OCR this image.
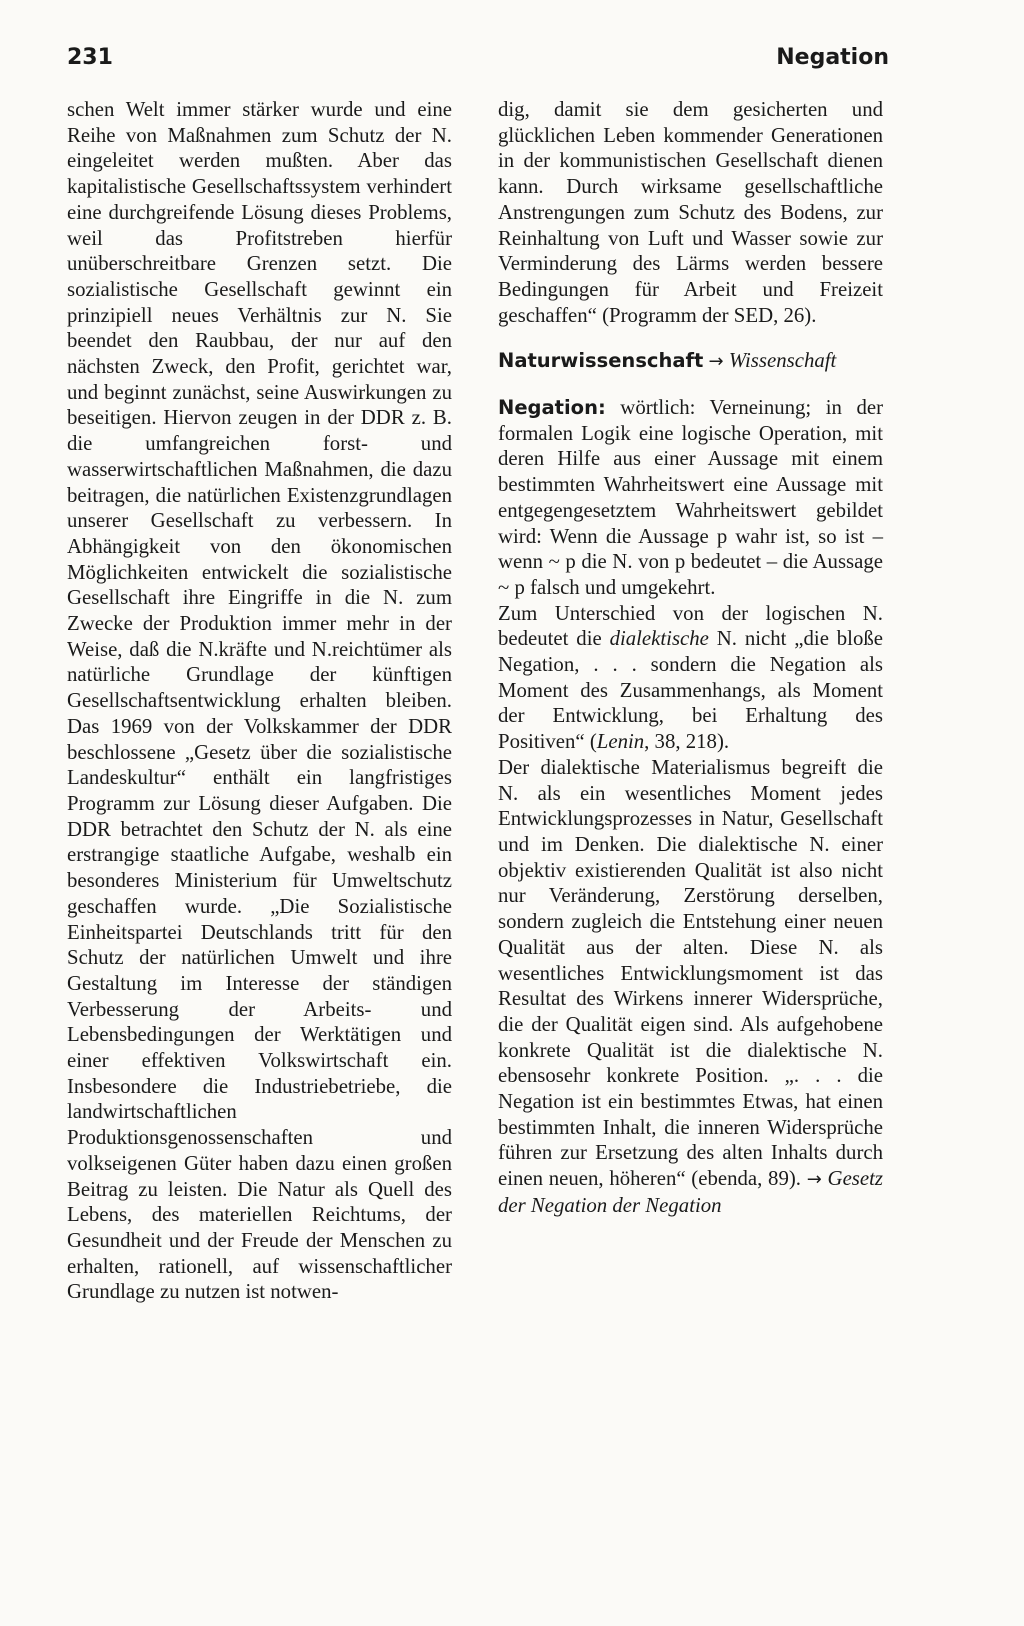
231	Negation

schen Welt immer stärker wurde und eine Reihe von Maßnahmen zum Schutz der N. eingeleitet werden mußten. Aber das kapitalistische Gesellschaftssystem verhindert eine durchgreifende Lösung dieses Problems, weil das Profitstreben hierfür unüberschreitbare Grenzen setzt. Die sozialistische Gesellschaft gewinnt ein prinzipiell neues Verhältnis zur N. Sie beendet den Raubbau, der nur auf den nächsten Zweck, den Profit, gerichtet war, und beginnt zunächst, seine Auswirkungen zu beseitigen. Hiervon zeugen in der DDR z. B. die umfangreichen forst- und wasserwirtschaftlichen Maßnahmen, die dazu beitragen, die natürlichen Existenzgrundlagen unserer Gesellschaft zu verbessern. In Abhängigkeit von den ökonomischen Möglichkeiten entwickelt die sozialistische Gesellschaft ihre Eingriffe in die N. zum Zwecke der Produktion immer mehr in der Weise, daß die N.kräfte und N.reichtümer als natürliche Grundlage der künftigen Gesellschaftsentwicklung erhalten bleiben. Das 1969 von der Volkskammer der DDR beschlossene „Gesetz über die sozialistische Landeskultur“ enthält ein langfristiges Programm zur Lösung dieser Aufgaben. Die DDR betrachtet den Schutz der N. als eine erstrangige staatliche Aufgabe, weshalb ein besonderes Ministerium für Umweltschutz geschaffen wurde. „Die Sozialistische Einheitspartei Deutschlands tritt für den Schutz der natürlichen Umwelt und ihre Gestaltung im Interesse der ständigen Verbesserung der Arbeits- und Lebensbedingungen der Werktätigen und einer effektiven Volkswirtschaft ein. Insbesondere die Industriebetriebe, die landwirtschaftlichen Produktionsgenossenschaften und volkseigenen Güter haben dazu einen großen Beitrag zu leisten. Die Natur als Quell des Lebens, des materiellen Reichtums, der Gesundheit und der Freude der Menschen zu erhalten, rationell, auf wissenschaftlicher Grundlage zu nutzen ist notwen-

dig, damit sie dem gesicherten und glücklichen Leben kommender Generationen in der kommunistischen Gesellschaft dienen kann. Durch wirksame gesellschaftliche Anstrengungen zum Schutz des Bodens, zur Reinhaltung von Luft und Wasser sowie zur Verminderung des Lärms werden bessere Bedingungen für Arbeit und Freizeit geschaffen“ (Programm der SED, 26).

Naturwissenschaft → Wissenschaft

Negation: wörtlich: Verneinung; in der formalen Logik eine logische Operation, mit deren Hilfe aus einer Aussage mit einem bestimmten Wahrheitswert eine Aussage mit entgegengesetztem Wahrheitswert gebildet wird: Wenn die Aussage p wahr ist, so ist – wenn ~ p die N. von p bedeutet – die Aussage ~ p falsch und umgekehrt.

Zum Unterschied von der logischen N. bedeutet die dialektische N. nicht „die bloße Negation, . . . sondern die Negation als Moment des Zusammenhangs, als Moment der Entwicklung, bei Erhaltung des Positiven“ (Lenin, 38, 218).

Der dialektische Materialismus begreift die N. als ein wesentliches Moment jedes Entwicklungsprozesses in Natur, Gesellschaft und im Denken. Die dialektische N. einer objektiv existierenden Qualität ist also nicht nur Veränderung, Zerstörung derselben, sondern zugleich die Entstehung einer neuen Qualität aus der alten. Diese N. als wesentliches Entwicklungsmoment ist das Resultat des Wirkens innerer Widersprüche, die der Qualität eigen sind. Als aufgehobene konkrete Qualität ist die dialektische N. ebensosehr konkrete Position. „. . . die Negation ist ein bestimmtes Etwas, hat einen bestimmten Inhalt, die inneren Widersprüche führen zur Ersetzung des alten Inhalts durch einen neuen, höheren“ (ebenda, 89). → Gesetz der Negation der Negation
